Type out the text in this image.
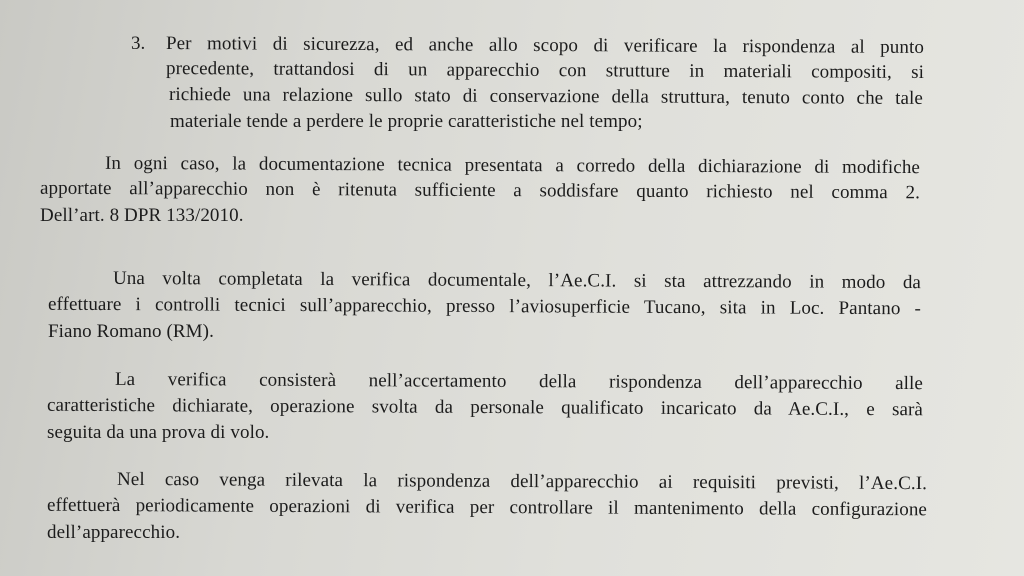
3. Per motivi di sicurezza, ed anche allo scopo di verificare la rispondenza al punto
precedente, trattandosi di un apparecchio con strutture in materiali compositi, si
richiede una relazione sullo stato di conservazione della struttura, tenuto conto che tale
materiale tende a perdere le proprie caratteristiche nel tempo;
In ogni caso, la documentazione tecnica presentata a corredo della dichiarazione di modifiche
apportate all’apparecchio non è ritenuta sufficiente a soddisfare quanto richiesto nel comma 2.
Dell’art. 8 DPR 133/2010.
Una volta completata la verifica documentale, l’Ae.C.I. si sta attrezzando in modo da
effettuare i controlli tecnici sull’apparecchio, presso l’aviosuperficie Tucano, sita in Loc. Pantano -
Fiano Romano (RM).
La verifica consisterà nell’accertamento della rispondenza dell’apparecchio alle
caratteristiche dichiarate, operazione svolta da personale qualificato incaricato da Ae.C.I., e sarà
seguita da una prova di volo.
Nel caso venga rilevata la rispondenza dell’apparecchio ai requisiti previsti, l’Ae.C.I.
effettuerà periodicamente operazioni di verifica per controllare il mantenimento della configurazione
dell’apparecchio.
